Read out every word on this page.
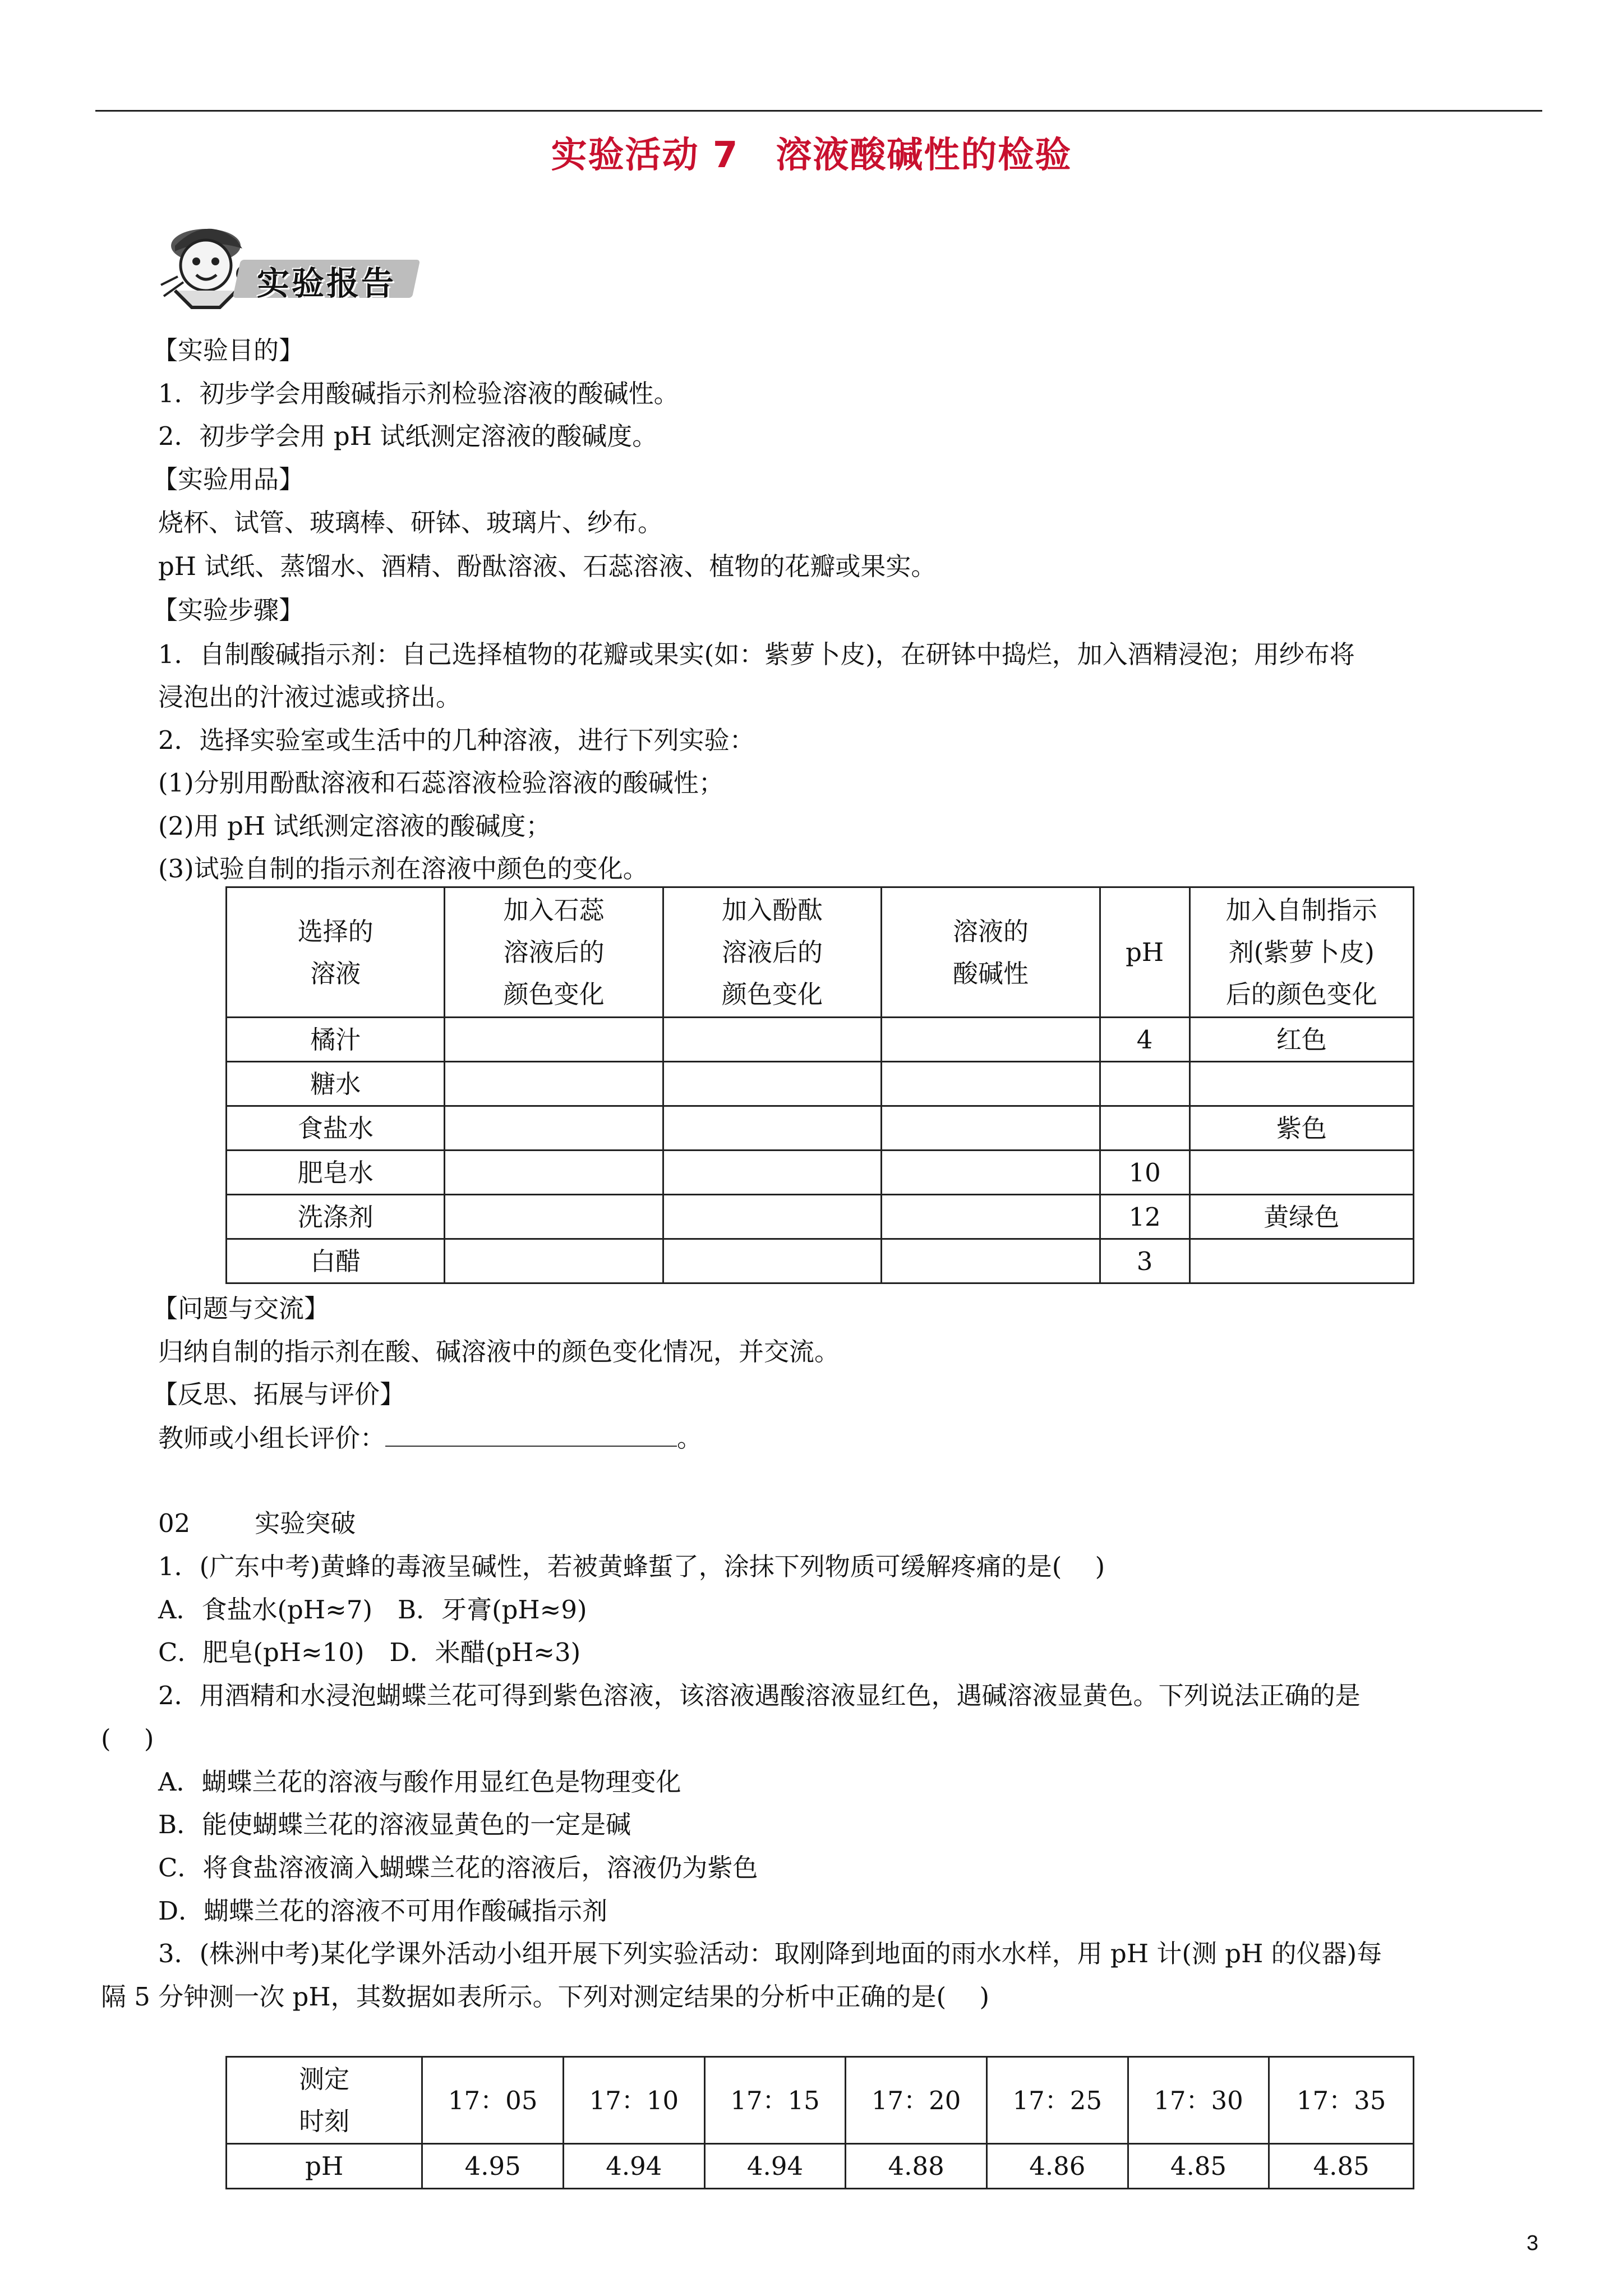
实验活动 7　溶液酸碱性的检验
实验报告
【实验目的】
1．初步学会用酸碱指示剂检验溶液的酸碱性。
2．初步学会用 pH 试纸测定溶液的酸碱度。
【实验用品】
烧杯、试管、玻璃棒、研钵、玻璃片、纱布。
pH 试纸、蒸馏水、酒精、酚酞溶液、石蕊溶液、植物的花瓣或果实。
【实验步骤】
1．自制酸碱指示剂：自己选择植物的花瓣或果实(如：紫萝卜皮)，在研钵中捣烂，加入酒精浸泡；用纱布将
浸泡出的汁液过滤或挤出。
2．选择实验室或生活中的几种溶液，进行下列实验：
(1)分别用酚酞溶液和石蕊溶液检验溶液的酸碱性；
(2)用 pH 试纸测定溶液的酸碱度；
(3)试验自制的指示剂在溶液中颜色的变化。
选择的
溶液	加入石蕊
溶液后的
颜色变化	加入酚酞
溶液后的
颜色变化	溶液的
酸碱性	pH	加入自制指示
剂(紫萝卜皮)
后的颜色变化
橘汁				4	红色
糖水					
食盐水					紫色
肥皂水				10	
洗涤剂				12	黄绿色
白醋				3	
【问题与交流】
归纳自制的指示剂在酸、碱溶液中的颜色变化情况，并交流。
【反思、拓展与评价】
教师或小组长评价：	。
02	实验突破
1．(广东中考)黄蜂的毒液呈碱性，若被黄蜂蜇了，涂抹下列物质可缓解疼痛的是(　 )
A．食盐水(pH≈7)　B．牙膏(pH≈9)
C．肥皂(pH≈10)　D．米醋(pH≈3)
2．用酒精和水浸泡蝴蝶兰花可得到紫色溶液，该溶液遇酸溶液显红色，遇碱溶液显黄色。下列说法正确的是
(　 )
A．蝴蝶兰花的溶液与酸作用显红色是物理变化
B．能使蝴蝶兰花的溶液显黄色的一定是碱
C．将食盐溶液滴入蝴蝶兰花的溶液后，溶液仍为紫色
D．蝴蝶兰花的溶液不可用作酸碱指示剂
3．(株洲中考)某化学课外活动小组开展下列实验活动：取刚降到地面的雨水水样，用 pH 计(测 pH 的仪器)每
隔 5 分钟测一次 pH，其数据如表所示。下列对测定结果的分析中正确的是(　 )
测定
时刻	17：05	17：10	17：15	17：20	17：25	17：30	17：35
pH	4.95	4.94	4.94	4.88	4.86	4.85	4.85
3
